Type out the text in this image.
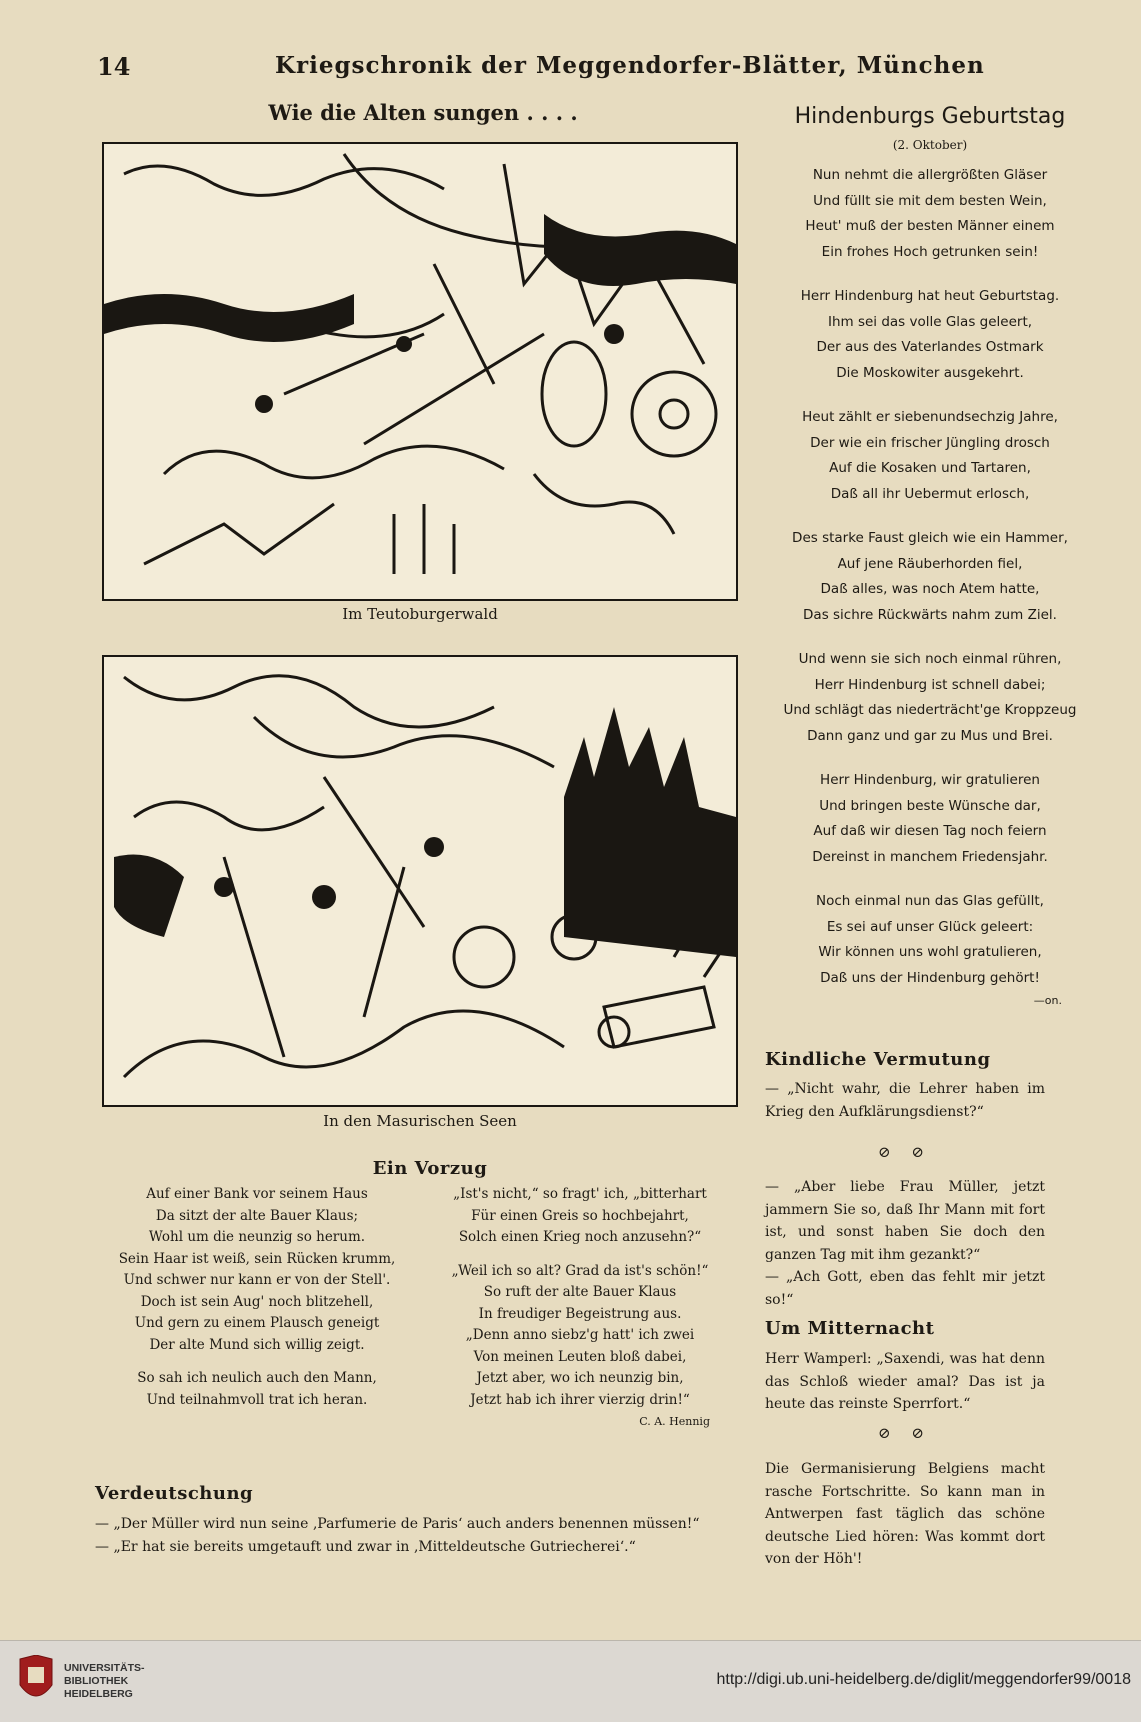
14	Kriegschronik der Meggendorfer-Blätter, München
Wie die Alten sungen . . . .
Im Teutoburgerwald
In den Masurischen Seen
Ein Vorzug
Auf einer Bank vor seinem Haus
Da sitzt der alte Bauer Klaus;
Wohl um die neunzig so herum.
Sein Haar ist weiß, sein Rücken krumm,
Und schwer nur kann er von der Stell'.
Doch ist sein Aug' noch blitzehell,
Und gern zu einem Plausch geneigt
Der alte Mund sich willig zeigt.
So sah ich neulich auch den Mann,
Und teilnahmvoll trat ich heran.
„Ist's nicht,“ so fragt' ich, „bitterhart
Für einen Greis so hochbejahrt,
Solch einen Krieg noch anzusehn?“
„Weil ich so alt? Grad da ist's schön!“
So ruft der alte Bauer Klaus
In freudiger Begeistrung aus.
„Denn anno siebz'g hatt' ich zwei
Von meinen Leuten bloß dabei,
Jetzt aber, wo ich neunzig bin,
Jetzt hab ich ihrer vierzig drin!“
C. A. Hennig
Verdeutschung

— „Der Müller wird nun seine ‚Parfumerie de Paris‘ auch anders benennen müssen!“

— „Er hat sie bereits umgetauft und zwar in ‚Mitteldeutsche Gutriecherei‘.“

Hindenburgs Geburtstag
(2. Oktober)
Nun nehmt die allergrößten Gläser
Und füllt sie mit dem besten Wein,
Heut' muß der besten Männer einem
Ein frohes Hoch getrunken sein!
Herr Hindenburg hat heut Geburtstag.
Ihm sei das volle Glas geleert,
Der aus des Vaterlandes Ostmark
Die Moskowiter ausgekehrt.
Heut zählt er siebenundsechzig Jahre,
Der wie ein frischer Jüngling drosch
Auf die Kosaken und Tartaren,
Daß all ihr Uebermut erlosch,
Des starke Faust gleich wie ein Hammer,
Auf jene Räuberhorden fiel,
Daß alles, was noch Atem hatte,
Das sichre Rückwärts nahm zum Ziel.
Und wenn sie sich noch einmal rühren,
Herr Hindenburg ist schnell dabei;
Und schlägt das niederträcht'ge Kroppzeug
Dann ganz und gar zu Mus und Brei.
Herr Hindenburg, wir gratulieren
Und bringen beste Wünsche dar,
Auf daß wir diesen Tag noch feiern
Dereinst in manchem Friedensjahr.
Noch einmal nun das Glas gefüllt,
Es sei auf unser Glück geleert:
Wir können uns wohl gratulieren,
Daß uns der Hindenburg gehört!
—on.
Kindliche Vermutung
— „Nicht wahr, die Lehrer haben im Krieg den Aufklärungsdienst?“
⊘ ⊘

— „Aber liebe Frau Müller, jetzt jammern Sie so, daß Ihr Mann mit fort ist, und sonst haben Sie doch den ganzen Tag mit ihm gezankt?“

— „Ach Gott, eben das fehlt mir jetzt so!“

Um Mitternacht
Herr Wamperl: „Saxendi, was hat denn das Schloß wieder amal? Das ist ja heute das reinste Sperrfort.“
⊘ ⊘
Die Germanisierung Belgiens macht rasche Fortschritte. So kann man in Antwerpen fast täglich das schöne deutsche Lied hören: Was kommt dort von der Höh'!
UNIVERSITÄTS-
BIBLIOTHEK
HEIDELBERG
http://digi.ub.uni-heidelberg.de/diglit/meggendorfer99/0018
